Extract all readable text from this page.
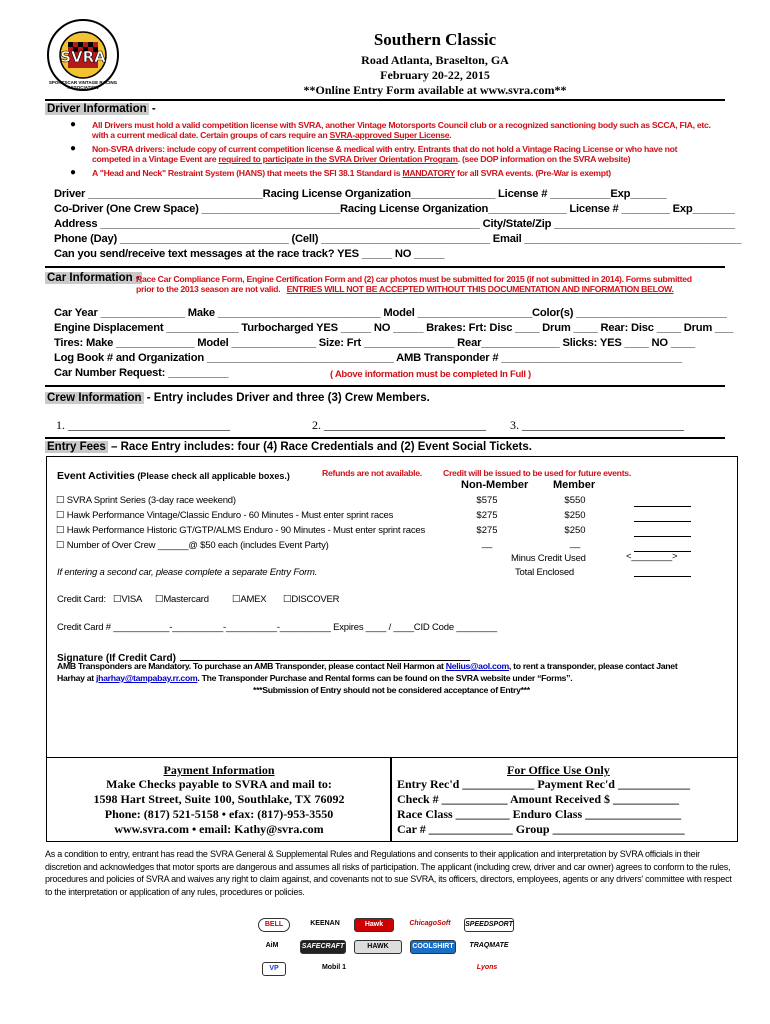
SVRA
SPORTSCAR VINTAGE RACING ASSOCIATION
Southern Classic
Road Atlanta, Braselton, GA
February 20-22, 2015
**Online Entry Form available at www.svra.com**
Driver Information -
● All Drivers must hold a valid competition license with SVRA, another Vintage Motorsports Council club or a recognized sanctioning body such as SCCA, FIA, etc.
with a current medical date. Certain groups of cars require an SVRA-approved Super License.
● Non-SVRA drivers: include copy of current competition license & medical with entry. Entrants that do not hold a Vintage Racing License or who have not
competed in a Vintage Event are required to participate in the SVRA Driver Orientation Program. (see DOP information on the SVRA website)
● A "Head and Neck" Restraint System (HANS) that meets the SFI 38.1 Standard is MANDATORY for all SVRA events. (Pre-War is exempt)
Driver _____________________________Racing License Organization______________ License # __________Exp______
Co-Driver (One Crew Space) _______________________Racing License Organization_____________ License # ________ Exp_______
Address _______________________________________________________________ City/State/Zip ______________________________
Phone (Day) ____________________________ (Cell) ____________________________ Email ____________________________________
Can you send/receive text messages at the race track? YES _____ NO _____
Car Information -
Race Car Compliance Form, Engine Certification Form and (2) car photos must be submitted for 2015 (if not submitted in 2014). Forms submitted
prior to the 2013 season are not valid. ENTRIES WILL NOT BE ACCEPTED WITHOUT THIS DOCUMENTATION AND INFORMATION BELOW.
Car Year ______________ Make ___________________________ Model ___________________Color(s) _________________________
Engine Displacement ____________ Turbocharged YES _____ NO _____ Brakes: Frt: Disc ____ Drum ____ Rear: Disc ____ Drum ___
Tires: Make _____________ Model ______________ Size: Frt _______________ Rear_____________ Slicks: YES ____ NO ____
Log Book # and Organization _______________________________ AMB Transponder # ______________________________
Car Number Request: __________	( Above information must be completed In Full )
Crew Information - Entry includes Driver and three (3) Crew Members.
1. ___________________________	2. ___________________________ 3. ___________________________
Entry Fees – Race Entry includes: four (4) Race Credentials and (2) Event Social Tickets.
Event Activities (Please check all applicable boxes.)	Refunds are not available. Credit will be issued to be used for future events.
Non-Member Member
☐ SVRA Sprint Series (3-day race weekend)	$575	$550
☐ Hawk Performance Vintage/Classic Enduro - 60 Minutes - Must enter sprint races	$275	$250
☐ Hawk Performance Historic GT/GTP/ALMS Enduro - 90 Minutes - Must enter sprint races	$275	$250
☐ Number of Over Crew ______@ $50 each (includes Event Party)	__	__
Minus Credit Used	<________>
Total Enclosed
If entering a second car, please complete a separate Entry Form.
Credit Card: ☐VISA ☐Mastercard ☐AMEX ☐DISCOVER
Credit Card # ___________-__________-__________-__________ Expires ____ / ____CID Code ________
Signature (If Credit Card)
AMB Transponders are Mandatory. To purchase an AMB Transponder, please contact Neil Harmon at Nelius@aol.com, to rent a transponder, please contact Janet
Harhay at jharhay@tampabay.rr.com. The Transponder Purchase and Rental forms can be found on the SVRA website under “Forms”.
***Submission of Entry should not be considered acceptance of Entry***
Payment Information
Make Checks payable to SVRA and mail to:
1598 Hart Street, Suite 100, Southlake, TX 76092
Phone: (817) 521-5158 • efax: (817)-953-3550
www.svra.com • email: Kathy@svra.com
For Office Use Only
Entry Rec'd ____________ Payment Rec'd ____________
Check # ___________ Amount Received $ ___________
Race Class _________ Enduro Class ________________
Car # ______________ Group ______________________
As a condition to entry, entrant has read the SVRA General & Supplemental Rules and Regulations and consents to their application and interpretation by SVRA officials in their discretion and acknowledges that motor sports are dangerous and assumes all risks of participation. The applicant (including crew, driver and car owner) agrees to conform to the rules, procedures and policies of SVRA and waives any right to claim against, and covenants not to sue SVRA, its officers, directors, employees, agents or any drivers' committee with respect to the interpretation or application of any rules, procedures or policies.
BELL	KEENAN	Hawk	ChicagoSoft	SPEEDSPORT
AiM	SAFECRAFT	HAWK	COOLSHIRT	TRAQMATE
VP	Mobil 1	Lyons
